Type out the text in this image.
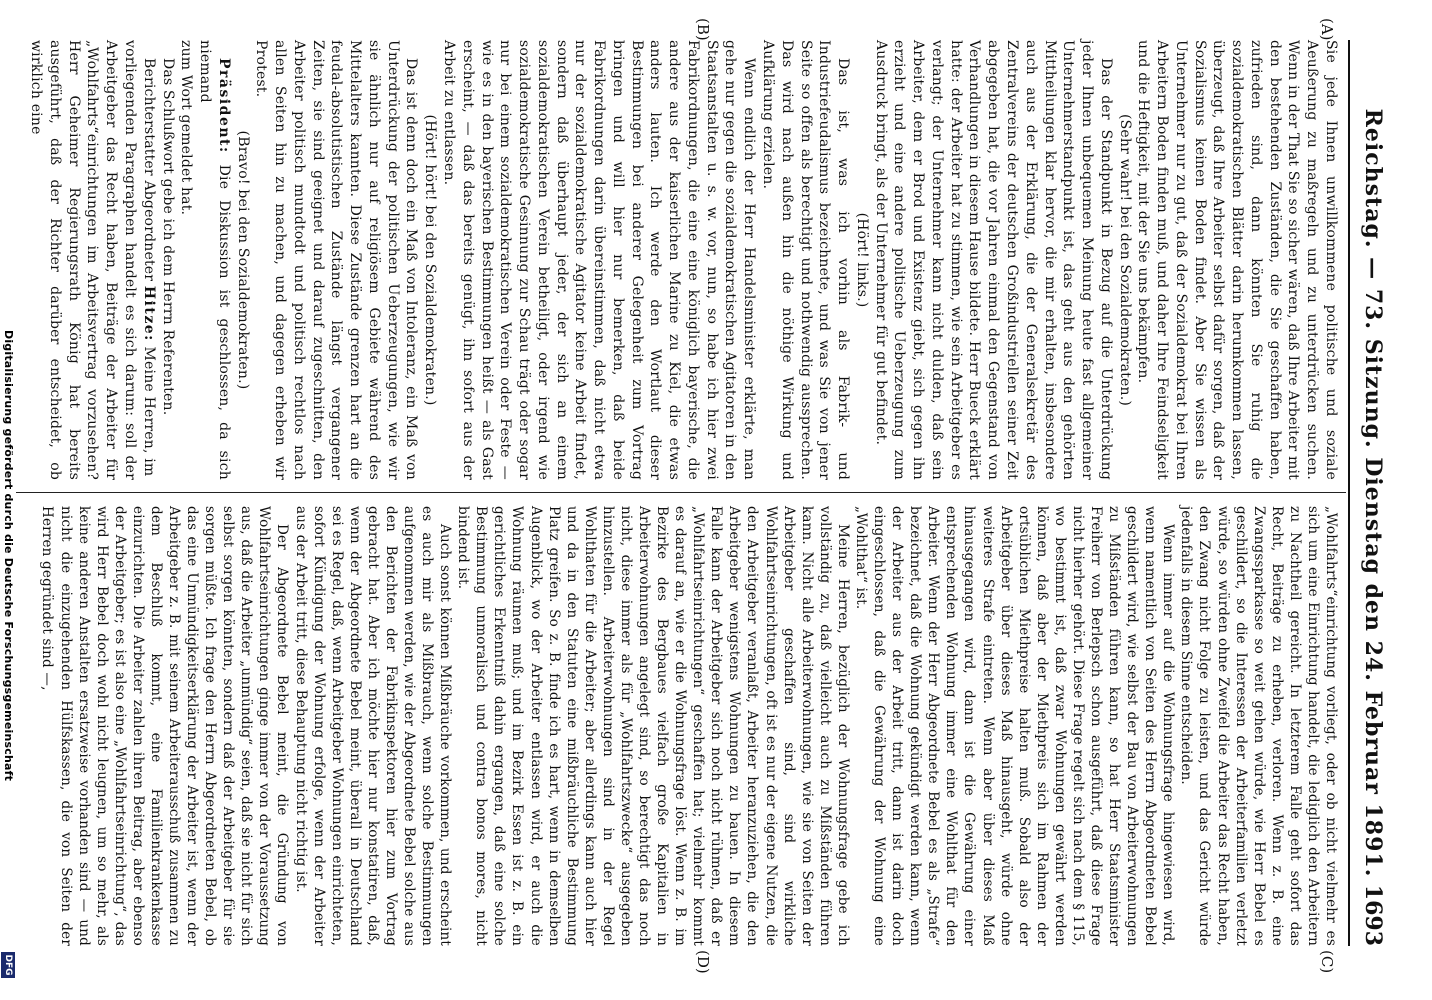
Reichstag. — 73. Sitzung. Dienstag den 24. Februar 1891.
1693
(A)
(B)
(C)
(D)

Sie jede Ihnen unwillkommene politische und soziale Aeußerung zu maßregeln und zu unterdrücken suchen. Wenn in der That Sie so sicher wären, daß Ihre Arbeiter mit den bestehenden Zuständen, die Sie geschaffen haben, zufrieden sind, dann könnten Sie ruhig die sozialdemokratischen Blätter darin herumkommen lassen, überzeugt, daß Ihre Arbeiter selbst dafür sorgen, daß der Sozialismus keinen Boden findet. Aber Sie wissen als Unternehmer nur zu gut, daß der Sozialdemokrat bei Ihren Arbeitern Boden finden muß, und daher Ihre Feindseligkeit und die Heftigkeit, mit der Sie uns bekämpfen.

(Sehr wahr! bei den Sozialdemokraten.)

Das der Standpunkt in Bezug auf die Unterdrückung jeder Ihnen unbequemen Meinung heute fast allgemeiner Unternehmerstandpunkt ist, das geht aus den gehörten Mittheilungen klar hervor, die mir erhalten, insbesondere auch aus der Erklärung, die der Generalsekretär des Zentralvereins der deutschen Großindustriellen seiner Zeit abgegeben hat, die vor Jahren einmal den Gegenstand von Verhandlungen in diesem Hause bildete. Herr Bueck erklärt hatte: der Arbeiter hat zu stimmen, wie sein Arbeitgeber es verlangt; der Unternehmer kann nicht dulden, daß sein Arbeiter, dem er Brod und Existenz giebt, sich gegen ihn erzieht und eine andere politische Ueberzeugung zum Ausdruck bringt, als der Unternehmer für gut befindet.

(Hört! links.)

Das ist, was ich vorhin als Fabrik- und Industriefeudalismus bezeichnete, und was Sie von jener Seite so offen als berechtigt und nothwendig aussprechen. Das wird nach außen hin die nöthige Wirkung und Aufklärung erzielen.

Wenn endlich der Herr Handelsminister erklärte, man gehe nur gegen die sozialdemokratischen Agitatoren in den Staatsanstalten u. s. w. vor, nun, so habe ich hier zwei Fabrikordnungen, die eine eine königlich bayerische, die andere aus der kaiserlichen Marine zu Kiel, die etwas anders lauten. Ich werde den Wortlaut dieser Bestimmungen bei anderer Gelegenheit zum Vortrag bringen und will hier nur bemerken, daß beide Fabrikordnungen darin übereinstimmen, daß nicht etwa nur der sozialdemokratische Agitator keine Arbeit findet, sondern daß überhaupt jeder, der sich an einem sozialdemokratischen Verein betheiligt, oder irgend wie sozialdemokratische Gesinnung zur Schau trägt oder sogar nur bei einem sozialdemokratischen Verein oder Feste — wie es in den bayerischen Bestimmungen heißt — als Gast erscheint, — daß das bereits genügt, ihn sofort aus der Arbeit zu entlassen.

(Hört! hört! bei den Sozialdemokraten.)

Das ist denn doch ein Maß von Intoleranz, ein Maß von Unterdrückung der politischen Ueberzeugungen, wie wir sie ähnlich nur auf religiösem Gebiete während des Mittelalters kannten. Diese Zustände grenzen hart an die feudal-absolutistischen Zustände längst vergangener Zeiten, sie sind geeignet und darauf zugeschnitten, den Arbeiter politisch mundtodt und politisch rechtlos nach allen Seiten hin zu machen, und dagegen erheben wir Protest.

(Bravo! bei den Sozialdemokraten.)

Präsident: Die Diskussion ist geschlossen, da sich niemand

zum Wort gemeldet hat.

Das Schlußwort gebe ich dem Herrn Referenten.

Berichterstatter Abgeordneter Hitze: Meine Herren, im

vorliegenden Paragraphen handelt es sich darum: soll der Arbeitgeber das Recht haben, Beiträge der Arbeiter für „Wohlfahrts“einrichtungen im Arbeitsvertrag vorzusehen? Herr Geheimer Regierungsrath König hat bereits ausgeführt, daß der Richter darüber entscheidet, ob wirklich eine

„Wohlfahrts“einrichtung vorliegt, oder ob nicht vielmehr es sich um eine Einrichtung handelt, die lediglich den Arbeitern zu Nachtheil gereicht. In letzterem Falle geht sofort das Recht, Beiträge zu erheben, verloren. Wenn z. B. eine Zwangssparkasse so weit gehen würde, wie Herr Bebel es geschildert, so die Interessen der Arbeiterfamilien verletzt würde, so würden ohne Zweifel die Arbeiter das Recht haben, den Zwang nicht Folge zu leisten, und das Gericht würde jedenfalls in diesem Sinne entscheiden.

Wenn immer auf die Wohnungsfrage hingewiesen wird, wenn namentlich von Seiten des Herrn Abgeordneten Bebel geschildert wird, wie selbst der Bau von Arbeiterwohnungen zu Mißständen führen kann, so hat Herr Staatsminister Freiherr von Berlepsch schon ausgeführt, daß diese Frage nicht hierher gehört. Diese Frage regelt sich nach dem § 115, wo bestimmt ist, daß zwar Wohnungen gewährt werden können, daß aber der Miethpreis sich im Rahmen der ortsüblichen Miethpreise halten muß. Sobald also der Arbeitgeber über dieses Maß hinausgeht, würde ohne weiteres Strafe eintreten. Wenn aber über dieses Maß hinausgegangen wird, dann ist die Gewährung einer entsprechenden Wohnung immer eine Wohlthat für den Arbeiter. Wenn der Herr Abgeordnete Bebel es als „Strafe“ bezeichnet, daß die Wohnung gekündigt werden kann, wenn der Arbeiter aus der Arbeit tritt, dann ist darin doch eingeschlossen, daß die Gewährung der Wohnung eine „Wohlthat“ ist.

Meine Herren, bezüglich der Wohnungsfrage gebe ich vollständig zu, daß vielleicht auch zu Mißständen führen kann. Nicht alle Arbeiterwohnungen, wie sie von Seiten der Arbeitgeber geschaffen sind, sind wirkliche Wohlfahrtseinrichtungen, oft ist es nur der eigene Nutzen, die den Arbeitgeber veranlaßt, Arbeiter heranzuziehen, die den Arbeitgeber wenigstens Wohnungen zu bauen. In diesem Falle kann der Arbeitgeber sich noch nicht rühmen, daß er „Wohlfahrtseinrichtungen“ geschaffen hat; vielmehr kommt es darauf an, wie er die Wohnungsfrage löst. Wenn z. B. im Bezirke des Bergbaues vielfach große Kapitalien in Arbeiterwohnungen angelegt sind, so berechtigt das noch nicht, diese immer als für „Wohlfahrtszwecke“ ausgegeben hinzustellen. Arbeiterwohnungen sind in der Regel Wohlthaten für die Arbeiter; aber allerdings kann auch hier und da in den Statuten eine mißbräuchliche Bestimmung Platz greifen. So z. B. finde ich es hart, wenn in demselben Augenblick, wo der Arbeiter entlassen wird, er auch die Wohnung räumen muß; und im Bezirk Essen ist z. B. ein gerichtliches Erkenntniß dahin ergangen, daß eine solche Bestimmung unmoralisch und contra bonos mores, nicht bindend ist.

Auch sonst können Mißbräuche vorkommen, und erscheint es auch mir als Mißbrauch, wenn solche Bestimmungen aufgenommen werden, wie der Abgeordnete Bebel solche aus den Berichten der Fabrikinspektoren hier zum Vortrag gebracht hat. Aber ich möchte hier nur konstatiren, daß, wenn der Abgeordnete Bebel meint, überall in Deutschland sei es Regel, daß, wenn Arbeitgeber Wohnungen einrichteten, sofort Kündigung der Wohnung erfolge, wenn der Arbeiter aus der Arbeit tritt, diese Behauptung nicht richtig ist.

Der Abgeordnete Bebel meint, die Gründung von Wohlfahrtseinrichtungen ginge immer von der Voraussetzung aus, daß die Arbeiter „unmündig“ seien, daß sie nicht für sich selbst sorgen könnten, sondern daß der Arbeitgeber für sie sorgen müßte. Ich frage den Herrn Abgeordneten Bebel, ob das eine Unmündigkeitserklärung der Arbeiter ist, wenn der Arbeitgeber z. B. mit seinem Arbeiterausschuß zusammen zu dem Beschluß kommt, eine Familienkrankenkasse einzurichten. Die Arbeiter zahlen ihren Beitrag, aber ebenso der Arbeitgeber; es ist also eine „Wohlfahrtseinrichtung“, das wird Herr Bebel doch wohl nicht leugnen, um so mehr, als keine anderen Anstalten ersatzweise vorhanden sind — und nicht die einzugehenden Hülfskassen, die von Seiten der Herren gegründet sind —,

Digitalisierung gefördert durch die Deutsche Forschungsgemeinschaft
DFG
